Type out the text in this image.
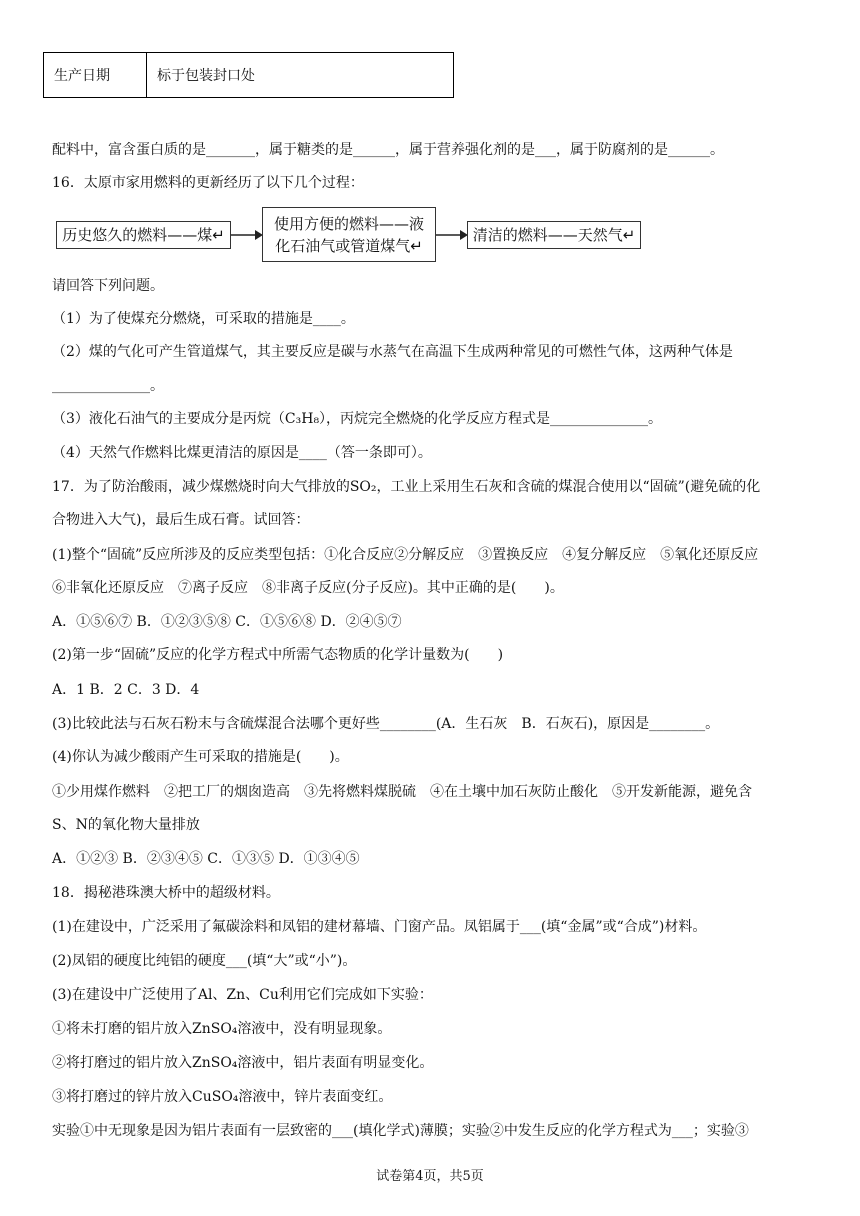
生产日期	标于包装封口处
配料中，富含蛋白质的是_______，属于糖类的是______，属于营养强化剂的是___，属于防腐剂的是______。
16．太原市家用燃料的更新经历了以下几个过程：
历史悠久的燃料——煤↵
使用方便的燃料——液
化石油气或管道煤气↵
清洁的燃料——天然气↵
请回答下列问题。
（1）为了使煤充分燃烧，可采取的措施是____。
（2）煤的气化可产生管道煤气，其主要反应是碳与水蒸气在高温下生成两种常见的可燃性气体，这两种气体是
______________。
（3）液化石油气的主要成分是丙烷（C₃H₈），丙烷完全燃烧的化学反应方程式是______________。
（4）天然气作燃料比煤更清洁的原因是____（答一条即可）。
17．为了防治酸雨，减少煤燃烧时向大气排放的SO₂，工业上采用生石灰和含硫的煤混合使用以“固硫”(避免硫的化
合物进入大气)，最后生成石膏。试回答：
(1)整个“固硫”反应所涉及的反应类型包括：①化合反应②分解反应　③置换反应　④复分解反应　⑤氧化还原反应
⑥非氧化还原反应　⑦离子反应　⑧非离子反应(分子反应)。其中正确的是(　　)。
A．①⑤⑥⑦ B．①②③⑤⑧ C．①⑤⑥⑧ D．②④⑤⑦
(2)第一步“固硫”反应的化学方程式中所需气态物质的化学计量数为(　　)
A．1 B．2 C．3 D．4
(3)比较此法与石灰石粉末与含硫煤混合法哪个更好些________(A．生石灰　B．石灰石)，原因是________。
(4)你认为减少酸雨产生可采取的措施是(　　)。
①少用煤作燃料　②把工厂的烟囱造高　③先将燃料煤脱硫　④在土壤中加石灰防止酸化　⑤开发新能源，避免含
S、N的氧化物大量排放
A．①②③ B．②③④⑤ C．①③⑤ D．①③④⑤
18．揭秘港珠澳大桥中的超级材料。
(1)在建设中，广泛采用了氟碳涂料和凤铝的建材幕墙、门窗产品。凤铝属于___(填“金属”或“合成”)材料。
(2)凤铝的硬度比纯铝的硬度___(填“大”或“小”)。
(3)在建设中广泛使用了Al、Zn、Cu利用它们完成如下实验：
①将未打磨的铝片放入ZnSO₄溶液中，没有明显现象。
②将打磨过的铝片放入ZnSO₄溶液中，铝片表面有明显变化。
③将打磨过的锌片放入CuSO₄溶液中，锌片表面变红。
实验①中无现象是因为铝片表面有一层致密的___(填化学式)薄膜；实验②中发生反应的化学方程式为___；实验③
试卷第4页，共5页
